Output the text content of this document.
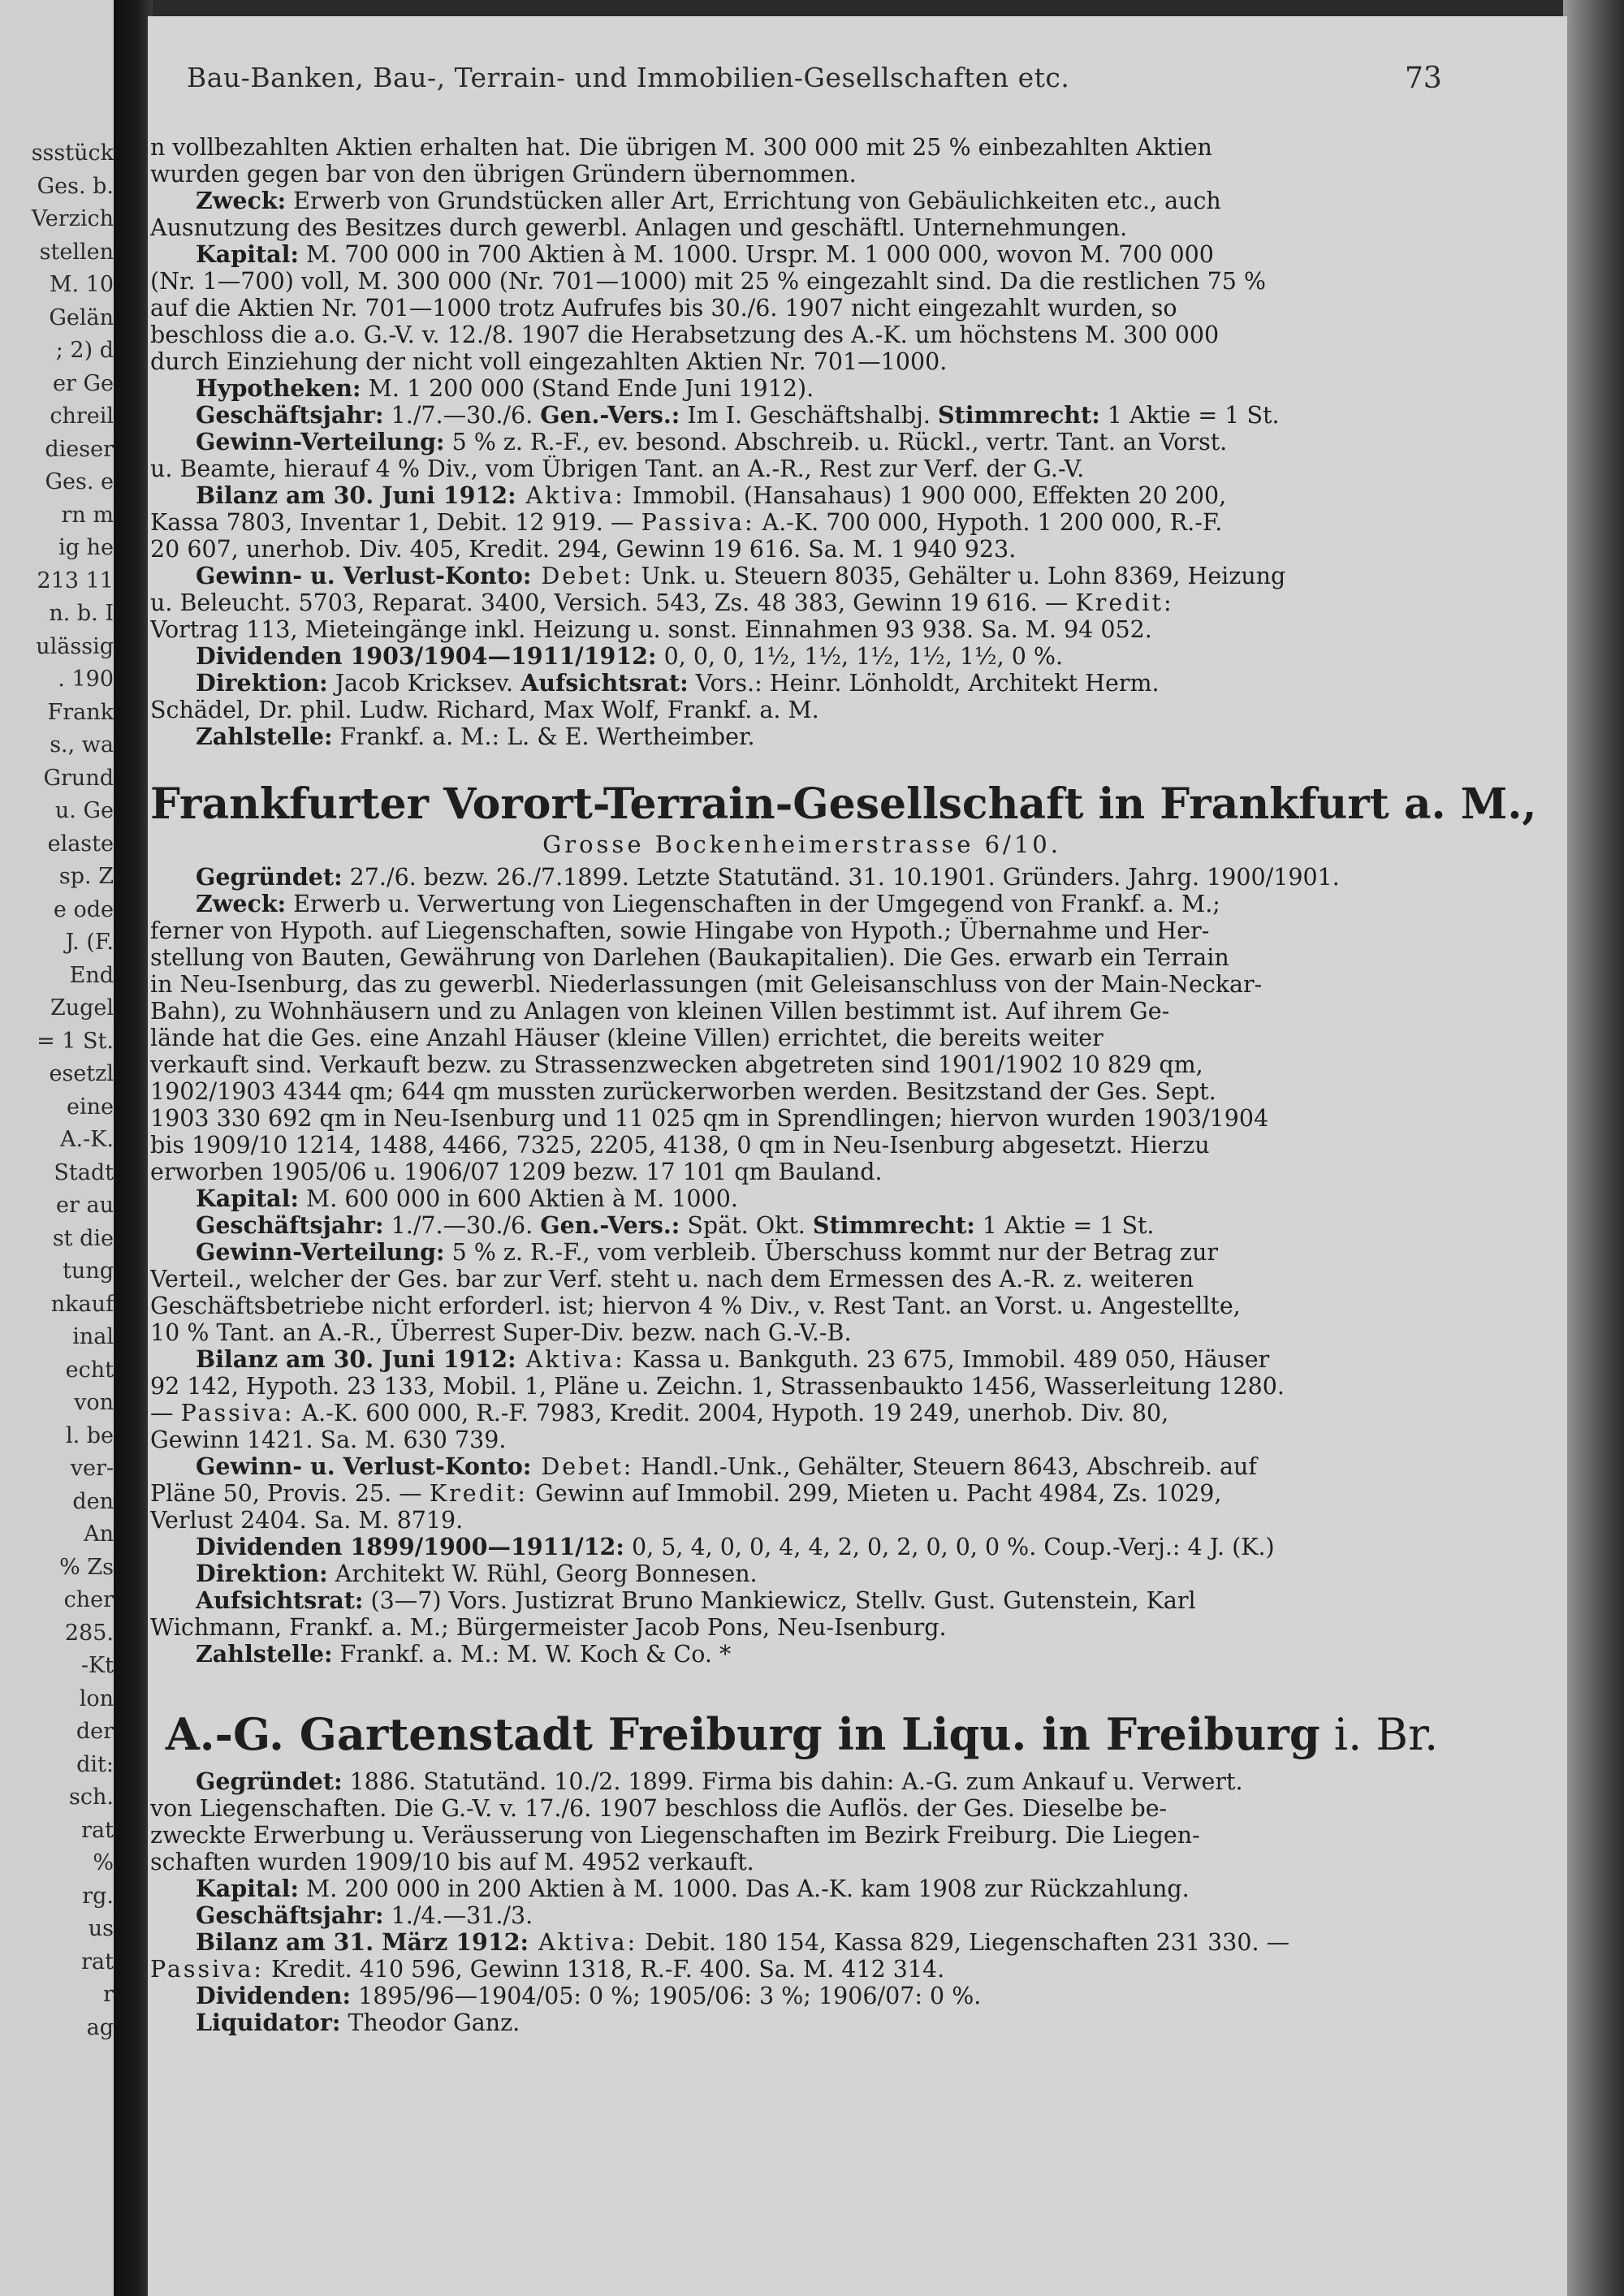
ssstück
Ges. b.
Verzich
stellen
M. 10
Gelän
; 2) d
er Ge
chreil
dieser
Ges. e
rn m
ig he
213 11
n. b. I
ulässig
. 190
Frank
s., wa
Grund
u. Ge
elaste
sp. Z
e ode
J. (F.
End
Zugel
= 1 St.
esetzl
eine
A.-K.
Stadt
er au
st die
tung
nkauf
inal
echt
von
l. be
ver-
den
An
% Zs
cher
285.
-Kt
lon
der
dit:
sch.
rat
%
rg.
us
rat
r
ag
Bau-Banken, Bau-, Terrain- und Immobilien-Gesellschaften etc.	73
n vollbezahlten Aktien erhalten hat. Die übrigen M. 300 000 mit 25 % einbezahlten Aktien
wurden gegen bar von den übrigen Gründern übernommen.
Zweck: Erwerb von Grundstücken aller Art, Errichtung von Gebäulichkeiten etc., auch
Ausnutzung des Besitzes durch gewerbl. Anlagen und geschäftl. Unternehmungen.
Kapital: M. 700 000 in 700 Aktien à M. 1000. Urspr. M. 1 000 000, wovon M. 700 000
(Nr. 1—700) voll, M. 300 000 (Nr. 701—1000) mit 25 % eingezahlt sind. Da die restlichen 75 %
auf die Aktien Nr. 701—1000 trotz Aufrufes bis 30./6. 1907 nicht eingezahlt wurden, so
beschloss die a.o. G.-V. v. 12./8. 1907 die Herabsetzung des A.-K. um höchstens M. 300 000
durch Einziehung der nicht voll eingezahlten Aktien Nr. 701—1000.
Hypotheken: M. 1 200 000 (Stand Ende Juni 1912).
Geschäftsjahr: 1./7.—30./6. Gen.-Vers.: Im I. Geschäftshalbj. Stimmrecht: 1 Aktie = 1 St.
Gewinn-Verteilung: 5 % z. R.-F., ev. besond. Abschreib. u. Rückl., vertr. Tant. an Vorst.
u. Beamte, hierauf 4 % Div., vom Übrigen Tant. an A.-R., Rest zur Verf. der G.-V.
Bilanz am 30. Juni 1912: Aktiva: Immobil. (Hansahaus) 1 900 000, Effekten 20 200,
Kassa 7803, Inventar 1, Debit. 12 919. — Passiva: A.-K. 700 000, Hypoth. 1 200 000, R.-F.
20 607, unerhob. Div. 405, Kredit. 294, Gewinn 19 616. Sa. M. 1 940 923.
Gewinn- u. Verlust-Konto: Debet: Unk. u. Steuern 8035, Gehälter u. Lohn 8369, Heizung
u. Beleucht. 5703, Reparat. 3400, Versich. 543, Zs. 48 383, Gewinn 19 616. — Kredit:
Vortrag 113, Mieteingänge inkl. Heizung u. sonst. Einnahmen 93 938. Sa. M. 94 052.
Dividenden 1903/1904—1911/1912: 0, 0, 0, 1½, 1½, 1½, 1½, 1½, 0 %.
Direktion: Jacob Kricksev. Aufsichtsrat: Vors.: Heinr. Lönholdt, Architekt Herm.
Schädel, Dr. phil. Ludw. Richard, Max Wolf, Frankf. a. M.
Zahlstelle: Frankf. a. M.: L. & E. Wertheimber.
Frankfurter Vorort-Terrain-Gesellschaft in Frankfurt a. M.,
Grosse Bockenheimerstrasse 6/10.
Gegründet: 27./6. bezw. 26./7.1899. Letzte Statutänd. 31. 10.1901. Gründers. Jahrg. 1900/1901.
Zweck: Erwerb u. Verwertung von Liegenschaften in der Umgegend von Frankf. a. M.;
ferner von Hypoth. auf Liegenschaften, sowie Hingabe von Hypoth.; Übernahme und Her-
stellung von Bauten, Gewährung von Darlehen (Baukapitalien). Die Ges. erwarb ein Terrain
in Neu-Isenburg, das zu gewerbl. Niederlassungen (mit Geleisanschluss von der Main-Neckar-
Bahn), zu Wohnhäusern und zu Anlagen von kleinen Villen bestimmt ist. Auf ihrem Ge-
lände hat die Ges. eine Anzahl Häuser (kleine Villen) errichtet, die bereits weiter
verkauft sind. Verkauft bezw. zu Strassenzwecken abgetreten sind 1901/1902 10 829 qm,
1902/1903 4344 qm; 644 qm mussten zurückerworben werden. Besitzstand der Ges. Sept.
1903 330 692 qm in Neu-Isenburg und 11 025 qm in Sprendlingen; hiervon wurden 1903/1904
bis 1909/10 1214, 1488, 4466, 7325, 2205, 4138, 0 qm in Neu-Isenburg abgesetzt. Hierzu
erworben 1905/06 u. 1906/07 1209 bezw. 17 101 qm Bauland.
Kapital: M. 600 000 in 600 Aktien à M. 1000.
Geschäftsjahr: 1./7.—30./6. Gen.-Vers.: Spät. Okt. Stimmrecht: 1 Aktie = 1 St.
Gewinn-Verteilung: 5 % z. R.-F., vom verbleib. Überschuss kommt nur der Betrag zur
Verteil., welcher der Ges. bar zur Verf. steht u. nach dem Ermessen des A.-R. z. weiteren
Geschäftsbetriebe nicht erforderl. ist; hiervon 4 % Div., v. Rest Tant. an Vorst. u. Angestellte,
10 % Tant. an A.-R., Überrest Super-Div. bezw. nach G.-V.-B.
Bilanz am 30. Juni 1912: Aktiva: Kassa u. Bankguth. 23 675, Immobil. 489 050, Häuser
92 142, Hypoth. 23 133, Mobil. 1, Pläne u. Zeichn. 1, Strassenbaukto 1456, Wasserleitung 1280.
— Passiva: A.-K. 600 000, R.-F. 7983, Kredit. 2004, Hypoth. 19 249, unerhob. Div. 80,
Gewinn 1421. Sa. M. 630 739.
Gewinn- u. Verlust-Konto: Debet: Handl.-Unk., Gehälter, Steuern 8643, Abschreib. auf
Pläne 50, Provis. 25. — Kredit: Gewinn auf Immobil. 299, Mieten u. Pacht 4984, Zs. 1029,
Verlust 2404. Sa. M. 8719.
Dividenden 1899/1900—1911/12: 0, 5, 4, 0, 0, 4, 4, 2, 0, 2, 0, 0, 0 %. Coup.-Verj.: 4 J. (K.)
Direktion: Architekt W. Rühl, Georg Bonnesen.
Aufsichtsrat: (3—7) Vors. Justizrat Bruno Mankiewicz, Stellv. Gust. Gutenstein, Karl
Wichmann, Frankf. a. M.; Bürgermeister Jacob Pons, Neu-Isenburg.
Zahlstelle: Frankf. a. M.: M. W. Koch & Co. *
A.-G. Gartenstadt Freiburg in Liqu. in Freiburg i. Br.
Gegründet: 1886. Statutänd. 10./2. 1899. Firma bis dahin: A.-G. zum Ankauf u. Verwert.
von Liegenschaften. Die G.-V. v. 17./6. 1907 beschloss die Auflös. der Ges. Dieselbe be-
zweckte Erwerbung u. Veräusserung von Liegenschaften im Bezirk Freiburg. Die Liegen-
schaften wurden 1909/10 bis auf M. 4952 verkauft.
Kapital: M. 200 000 in 200 Aktien à M. 1000. Das A.-K. kam 1908 zur Rückzahlung.
Geschäftsjahr: 1./4.—31./3.
Bilanz am 31. März 1912: Aktiva: Debit. 180 154, Kassa 829, Liegenschaften 231 330. —
Passiva: Kredit. 410 596, Gewinn 1318, R.-F. 400. Sa. M. 412 314.
Dividenden: 1895/96—1904/05: 0 %; 1905/06: 3 %; 1906/07: 0 %.
Liquidator: Theodor Ganz.
